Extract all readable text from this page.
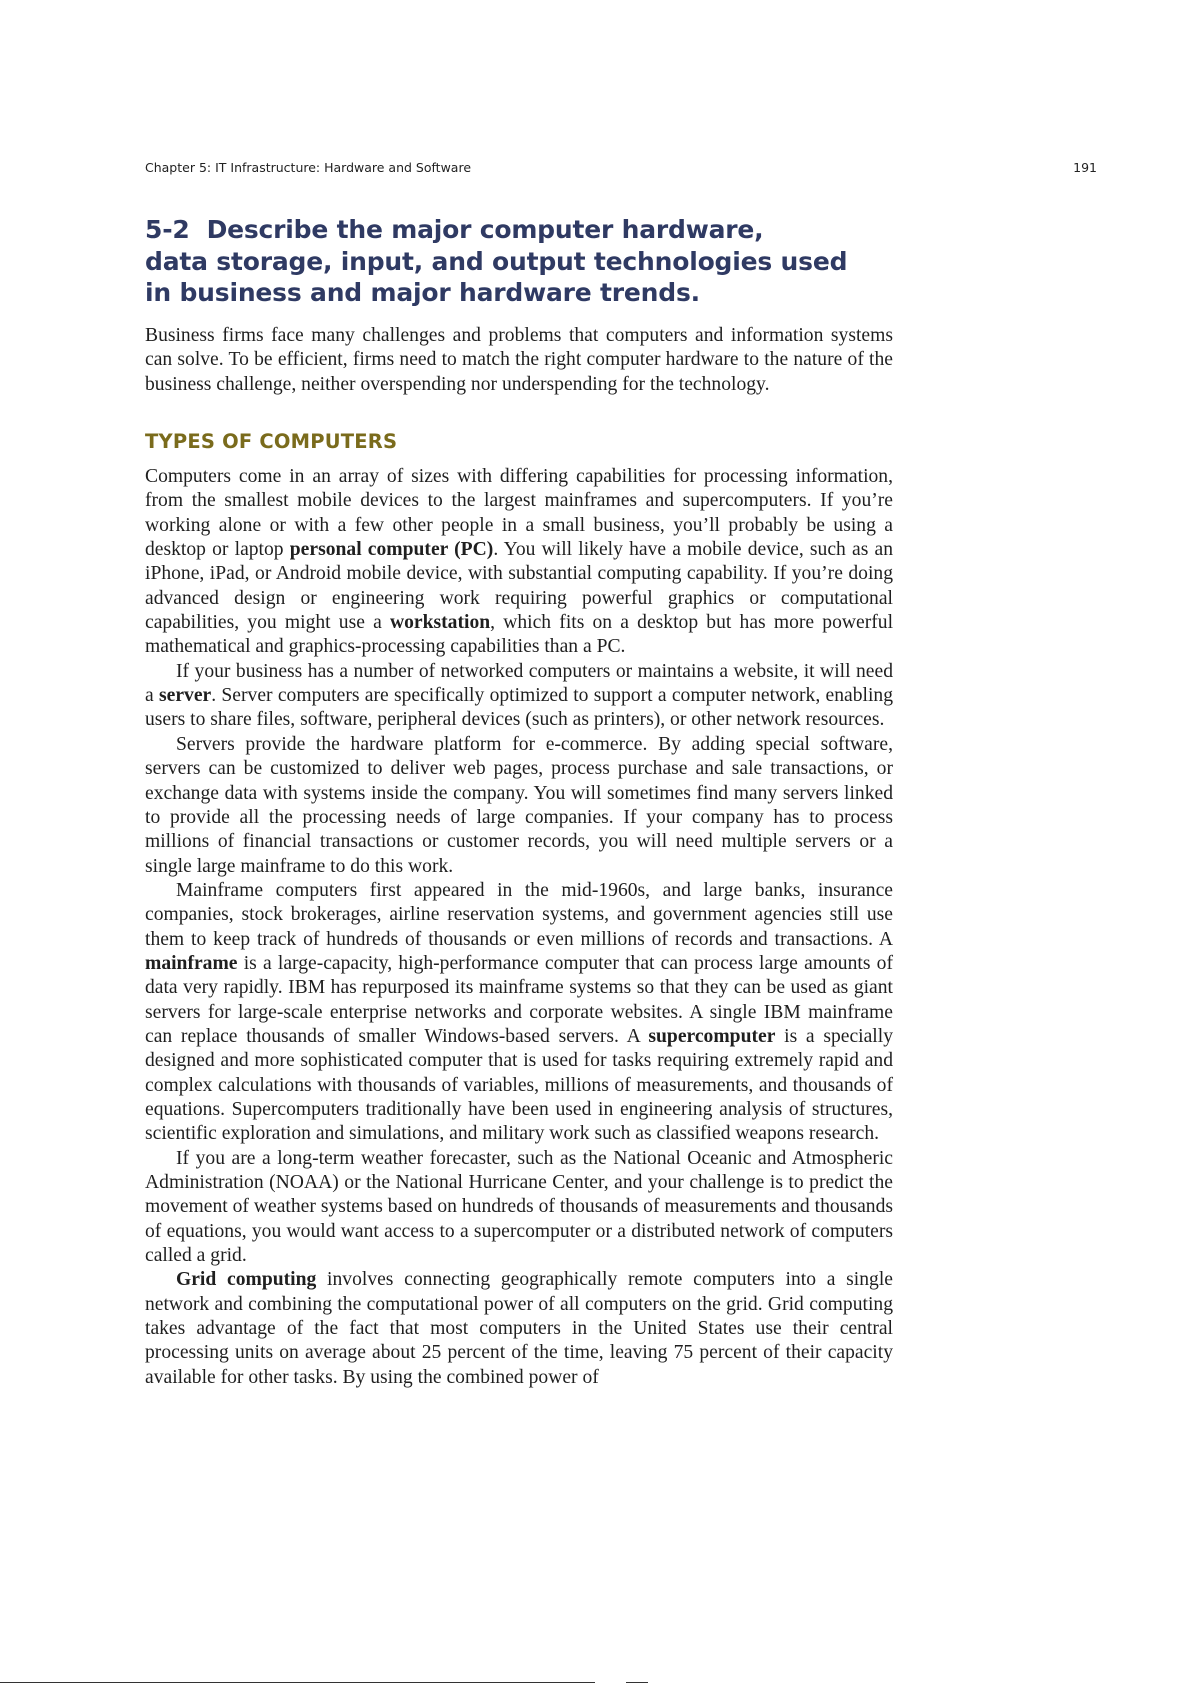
Chapter 5: IT Infrastructure: Hardware and Software	191
5-2  Describe the major computer hardware,
data storage, input, and output technologies used
in business and major hardware trends.

Business firms face many challenges and problems that computers and information systems can solve. To be efficient, firms need to match the right computer hardware to the nature of the business challenge, neither overspending nor underspending for the technology.

TYPES OF COMPUTERS

Computers come in an array of sizes with differing capabilities for processing information, from the smallest mobile devices to the largest mainframes and supercomputers. If you’re working alone or with a few other people in a small business, you’ll probably be using a desktop or laptop personal computer (PC). You will likely have a mobile device, such as an iPhone, iPad, or Android mobile device, with substantial computing capability. If you’re doing advanced design or engineering work requiring powerful graphics or computational capabilities, you might use a workstation, which fits on a desktop but has more powerful mathematical and graphics-processing capabilities than a PC.

If your business has a number of networked computers or maintains a website, it will need a server. Server computers are specifically optimized to support a computer network, enabling users to share files, software, peripheral devices (such as printers), or other network resources.

Servers provide the hardware platform for e-commerce. By adding special software, servers can be customized to deliver web pages, process purchase and sale transactions, or exchange data with systems inside the company. You will sometimes find many servers linked to provide all the processing needs of large companies. If your company has to process millions of financial transactions or customer records, you will need multiple servers or a single large mainframe to do this work.

Mainframe computers first appeared in the mid-1960s, and large banks, insurance companies, stock brokerages, airline reservation systems, and government agencies still use them to keep track of hundreds of thousands or even millions of records and transactions. A mainframe is a large-capacity, high-performance computer that can process large amounts of data very rapidly. IBM has repurposed its mainframe systems so that they can be used as giant servers for large-scale enterprise networks and corporate websites. A single IBM mainframe can replace thousands of smaller Windows-based servers. A supercomputer is a specially designed and more sophisticated computer that is used for tasks requiring extremely rapid and complex calculations with thousands of variables, millions of measurements, and thousands of equations. Supercomputers traditionally have been used in engineering analysis of structures, scientific exploration and simulations, and military work such as classified weapons research.

If you are a long-term weather forecaster, such as the National Oceanic and Atmospheric Administration (NOAA) or the National Hurricane Center, and your challenge is to predict the movement of weather systems based on hundreds of thousands of measurements and thousands of equations, you would want access to a supercomputer or a distributed network of computers called a grid.

Grid computing involves connecting geographically remote computers into a single network and combining the computational power of all computers on the grid. Grid computing takes advantage of the fact that most computers in the United States use their central processing units on average about 25 percent of the time, leaving 75 percent of their capacity available for other tasks. By using the combined power of
